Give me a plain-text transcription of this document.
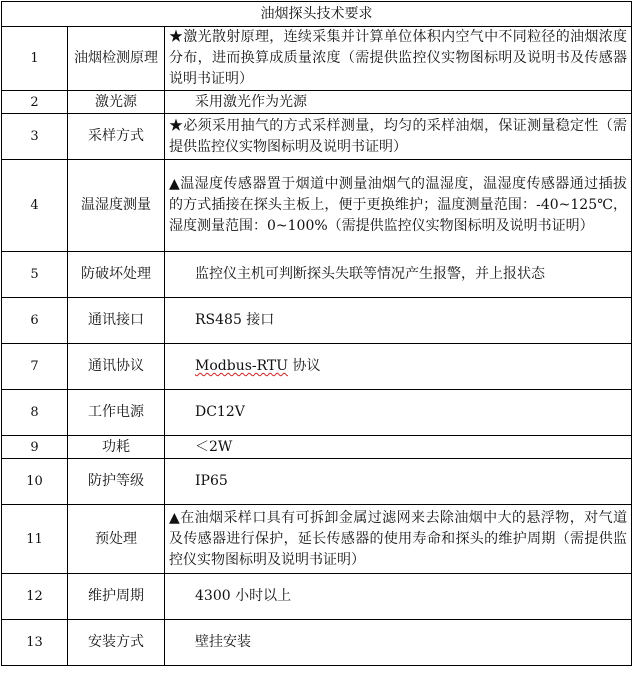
油烟探头技术要求		
1	油烟检测原理	★激光散射原理，连续采集并计算单位体积内空气中不同粒径的油烟浓度分布，进而换算成质量浓度（需提供监控仪实物图标明及说明书及传感器说明书证明）
2	激光源	采用激光作为光源
3	采样方式	★必须采用抽气的方式采样测量，均匀的采样油烟，保证测量稳定性（需提供监控仪实物图标明及说明书证明）
4	温湿度测量	▲温湿度传感器置于烟道中测量油烟气的温湿度，温湿度传感器通过插拔的方式插接在探头主板上，便于更换维护；温度测量范围：-40~125℃，湿度测量范围：0~100%（需提供监控仪实物图标明及说明书证明）
5	防破坏处理	监控仪主机可判断探头失联等情况产生报警，并上报状态
6	通讯接口	RS485 接口
7	通讯协议	Modbus-RTU 协议
8	工作电源	DC12V
9	功耗	＜2W
10	防护等级	IP65
11	预处理	▲在油烟采样口具有可拆卸金属过滤网来去除油烟中大的悬浮物，对气道及传感器进行保护，延长传感器的使用寿命和探头的维护周期（需提供监控仪实物图标明及说明书证明）
12	维护周期	4300 小时以上
13	安装方式	壁挂安装
